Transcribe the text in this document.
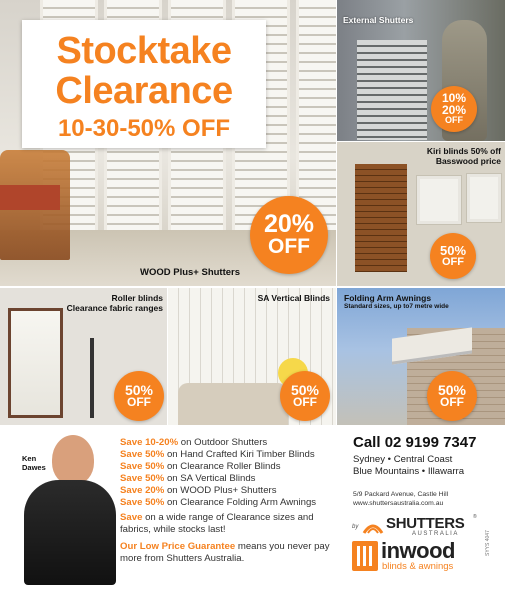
Stocktake
Clearance
10-30-50% OFF
20%
OFF
WOOD Plus+ Shutters
External Shutters
10%
20%
OFF
Kiri blinds 50% off
Basswood price
50%
OFF
Roller blinds
Clearance fabric ranges
50%
OFF
SA Vertical Blinds
50%
OFF
Folding Arm Awnings
Standard sizes, up to7 metre wide
50%
OFF
Ken
Dawes
Save 10-20% on Outdoor Shutters
Save 50% on Hand Crafted Kiri Timber Blinds
Save 50% on Clearance Roller Blinds
Save 50% on SA Vertical Blinds
Save 20% on WOOD Plus+ Shutters
Save 50% on Clearance Folding Arm Awnings
Save on a wide range of Clearance sizes and fabrics, while stocks last!
Our Low Price Guarantee means you never pay more from Shutters Australia.
Call 02 9199 7347
Sydney • Central Coast
Blue Mountains • Illawarra
5/9 Packard Avenue, Castle Hill
www.shuttersaustralia.com.au
by SHUTTERS
AUSTRALIA
®
inwood
blinds & awnings
SYYS 4047
